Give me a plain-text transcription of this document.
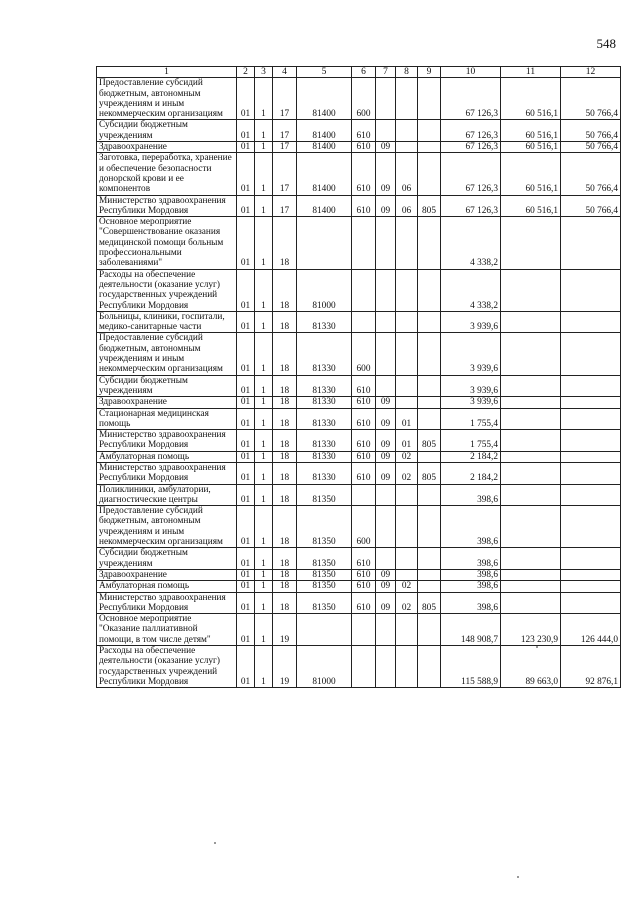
548
1	2	3	4	5	6	7	8	9	10	11	12
Предоставление субсидий бюджетным, автономным учреждениям и иным некоммерческим организациям	01	1	17	81400	600				67 126,3	60 516,1	50 766,4
Субсидии бюджетным учреждениям	01	1	17	81400	610				67 126,3	60 516,1	50 766,4
Здравоохранение	01	1	17	81400	610	09			67 126,3	60 516,1	50 766,4
Заготовка, переработка, хранение и обеспечение безопасности донорской крови и ее компонентов	01	1	17	81400	610	09	06		67 126,3	60 516,1	50 766,4
Министерство здравоохранения Республики Мордовия	01	1	17	81400	610	09	06	805	67 126,3	60 516,1	50 766,4
Основное мероприятие "Совершенствование оказания медицинской помощи больным профессиональными заболеваниями"	01	1	18						4 338,2		
Расходы на обеспечение деятельности (оказание услуг) государственных учреждений Республики Мордовия	01	1	18	81000					4 338,2		
Больницы, клиники, госпитали, медико-санитарные части	01	1	18	81330					3 939,6		
Предоставление субсидий бюджетным, автономным учреждениям и иным некоммерческим организациям	01	1	18	81330	600				3 939,6		
Субсидии бюджетным учреждениям	01	1	18	81330	610				3 939,6		
Здравоохранение	01	1	18	81330	610	09			3 939,6		
Стационарная медицинская помощь	01	1	18	81330	610	09	01		1 755,4		
Министерство здравоохранения Республики Мордовия	01	1	18	81330	610	09	01	805	1 755,4		
Амбулаторная помощь	01	1	18	81330	610	09	02		2 184,2		
Министерство здравоохранения Республики Мордовия	01	1	18	81330	610	09	02	805	2 184,2		
Поликлиники, амбулатории, диагностические центры	01	1	18	81350					398,6		
Предоставление субсидий бюджетным, автономным учреждениям и иным некоммерческим организациям	01	1	18	81350	600				398,6		
Субсидии бюджетным учреждениям	01	1	18	81350	610				398,6		
Здравоохранение	01	1	18	81350	610	09			398,6		
Амбулаторная помощь	01	1	18	81350	610	09	02		398,6		
Министерство здравоохранения Республики Мордовия	01	1	18	81350	610	09	02	805	398,6		
Основное мероприятие "Оказание паллиативной помощи, в том числе детям"	01	1	19						148 908,7	123 230,9	126 444,0
Расходы на обеспечение деятельности (оказание услуг) государственных учреждений Республики Мордовия	01	1	19	81000					115 588,9	89 663,0	92 876,1
